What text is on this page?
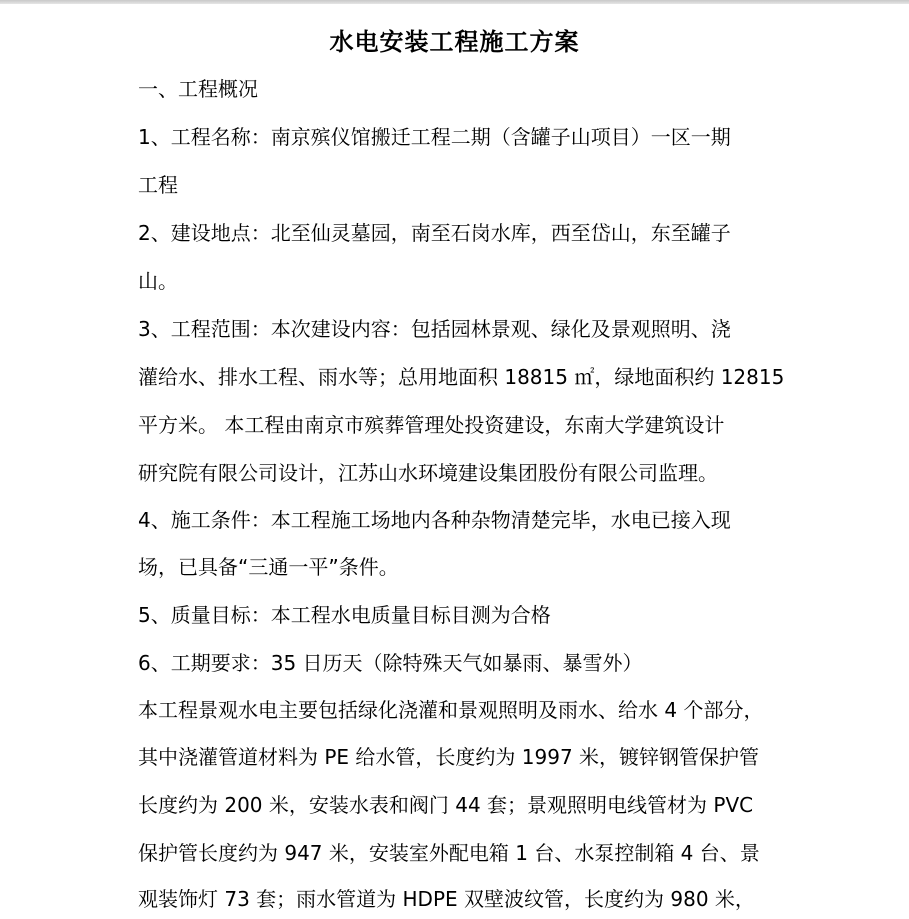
水电安装工程施工方案
一、工程概况
1、工程名称：南京殡仪馆搬迁工程二期（含罐子山项目）一区一期
工程
2、建设地点：北至仙灵墓园，南至石岗水库，西至岱山，东至罐子
山。
3、工程范围：本次建设内容：包括园林景观、绿化及景观照明、浇
灌给水、排水工程、雨水等；总用地面积 18815 ㎡，绿地面积约 12815
平方米。 本工程由南京市殡葬管理处投资建设，东南大学建筑设计
研究院有限公司设计，江苏山水环境建设集团股份有限公司监理。
4、施工条件：本工程施工场地内各种杂物清楚完毕，水电已接入现
场，已具备“三通一平”条件。
5、质量目标：本工程水电质量目标目测为合格
6、工期要求：35 日历天（除特殊天气如暴雨、暴雪外）
本工程景观水电主要包括绿化浇灌和景观照明及雨水、给水 4 个部分，
其中浇灌管道材料为 PE 给水管，长度约为 1997 米，镀锌钢管保护管
长度约为 200 米，安装水表和阀门 44 套；景观照明电线管材为 PVC
保护管长度约为 947 米，安装室外配电箱 1 台、水泵控制箱 4 台、景
观装饰灯 73 套；雨水管道为 HDPE 双壁波纹管，长度约为 980 米，
